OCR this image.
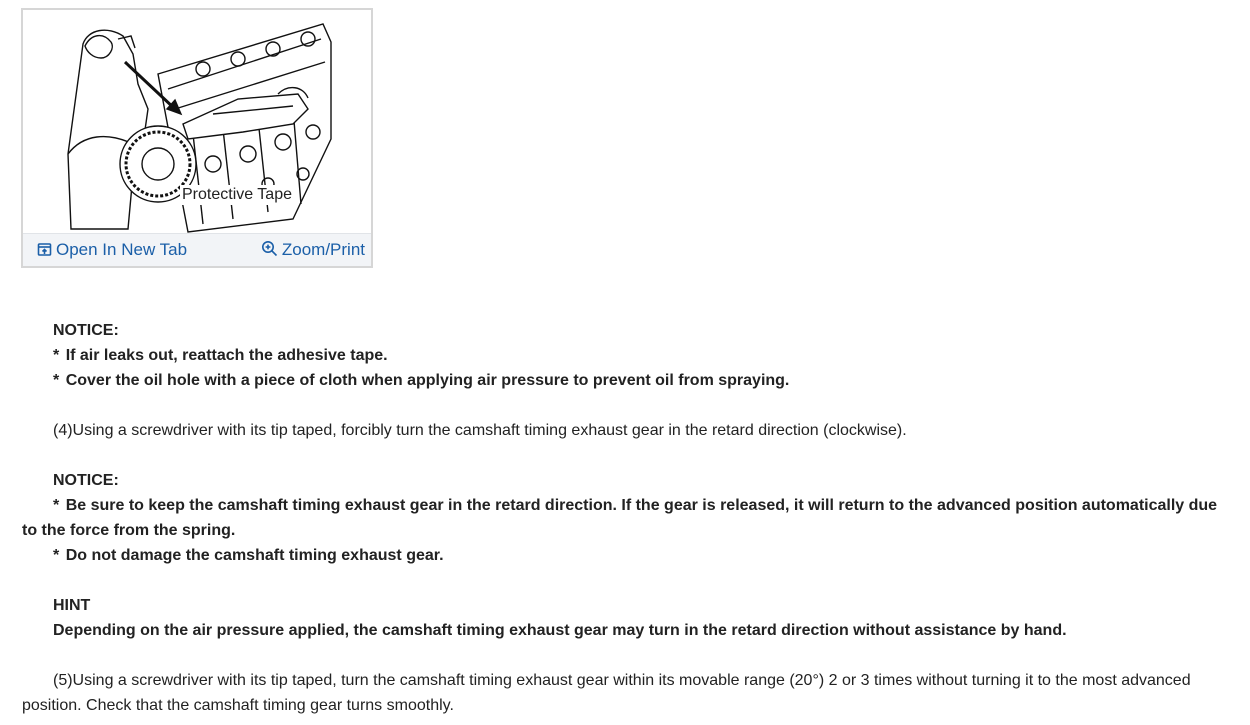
Protective Tape
Open In New Tab	Zoom/Print

NOTICE:

* If air leaks out, reattach the adhesive tape.

* Cover the oil hole with a piece of cloth when applying air pressure to prevent oil from spraying.

(4)Using a screwdriver with its tip taped, forcibly turn the camshaft timing exhaust gear in the retard direction (clockwise).

NOTICE:

* Be sure to keep the camshaft timing exhaust gear in the retard direction. If the gear is released, it will return to the advanced position automatically due to the force from the spring.

* Do not damage the camshaft timing exhaust gear.

HINT

Depending on the air pressure applied, the camshaft timing exhaust gear may turn in the retard direction without assistance by hand.

(5)Using a screwdriver with its tip taped, turn the camshaft timing exhaust gear within its movable range (20°) 2 or 3 times without turning it to the most advanced position. Check that the camshaft timing gear turns smoothly.
